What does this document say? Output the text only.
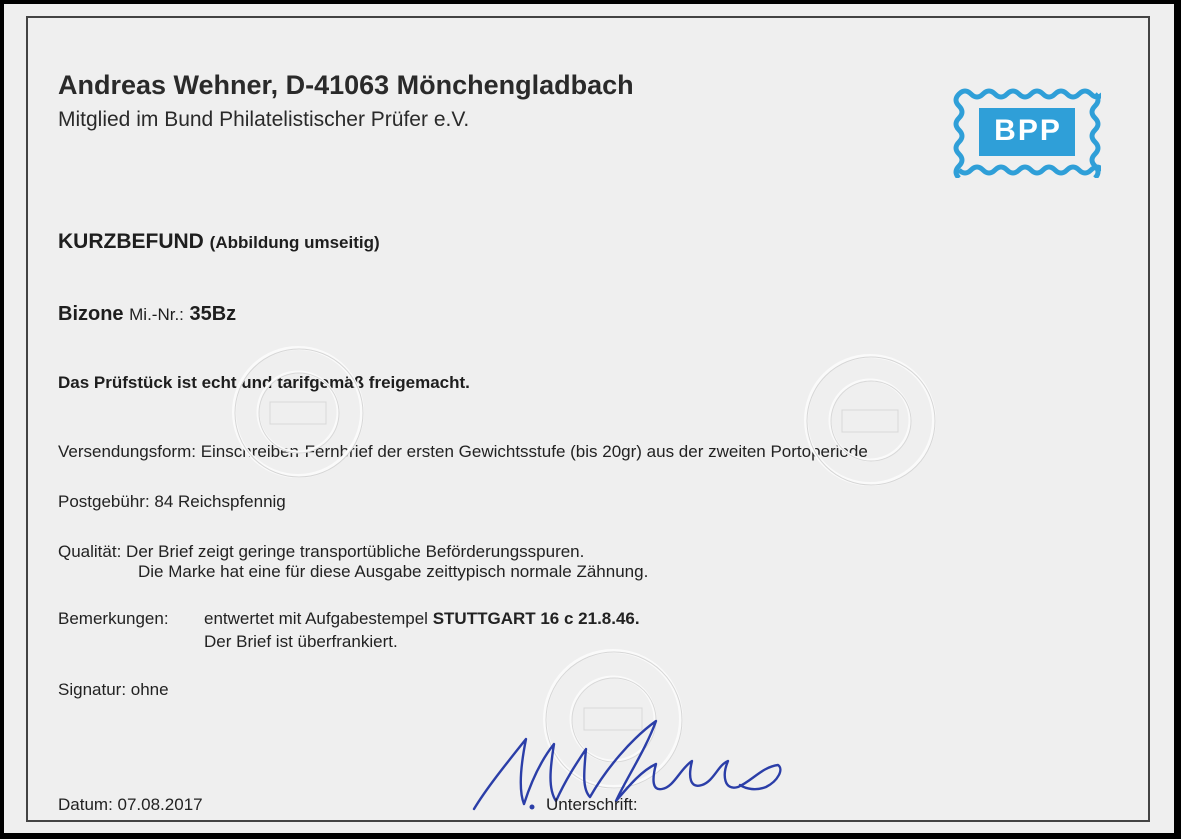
Andreas Wehner, D-41063 Mönchengladbach
Mitglied im Bund Philatelistischer Prüfer e.V.	BPP
KURZBEFUND (Abbildung umseitig)
Bizone Mi.-Nr.: 35Bz
Das Prüfstück ist echt und tarifgemäß freigemacht.
Versendungsform: Einschreiben-Fernbrief der ersten Gewichtsstufe (bis 20gr) aus der zweiten Portoperiode
Postgebühr: 84 Reichspfennig
Qualität: Der Brief zeigt geringe transportübliche Beförderungsspuren.
Die Marke hat eine für diese Ausgabe zeittypisch normale Zähnung.
Bemerkungen: entwertet mit Aufgabestempel STUTTGART 16 c 21.8.46.
Der Brief ist überfrankiert.
Signatur: ohne
Datum: 07.08.2017	Unterschrift:
